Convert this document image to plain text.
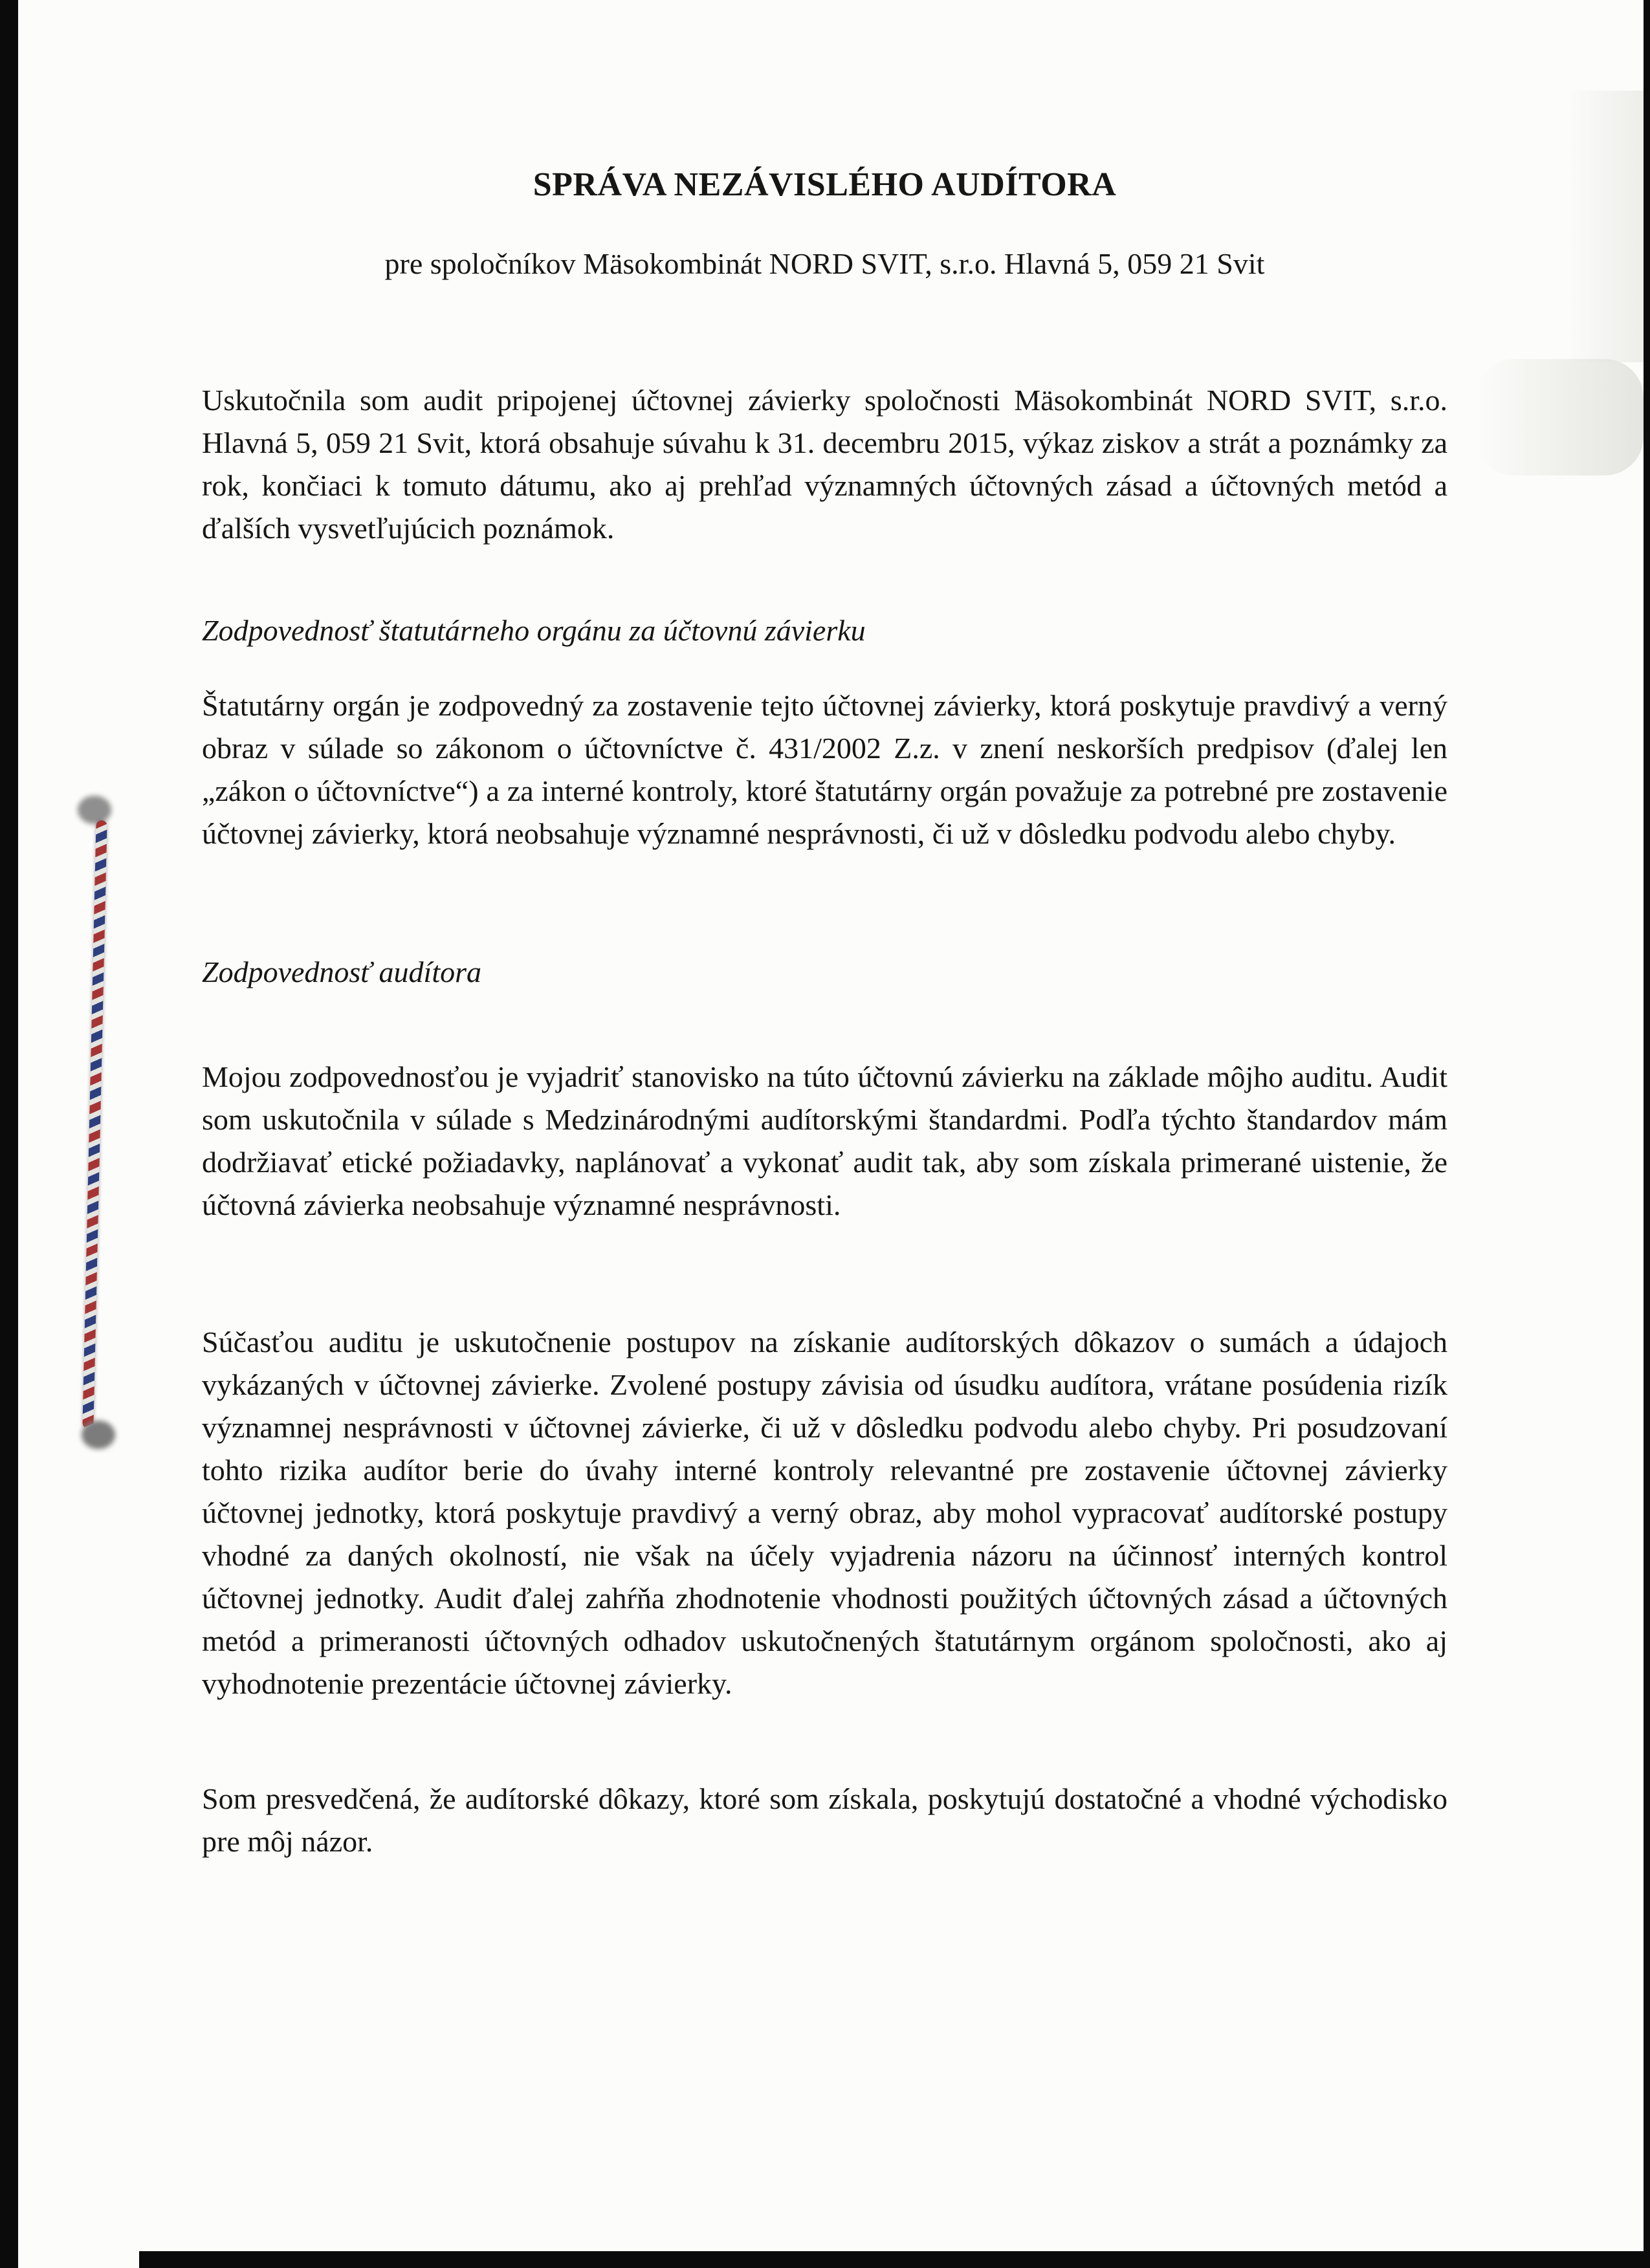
SPRÁVA NEZÁVISLÉHO AUDÍTORA

pre spoločníkov Mäsokombinát NORD SVIT, s.r.o. Hlavná 5, 059 21 Svit

Uskutočnila som audit pripojenej účtovnej závierky spoločnosti Mäsokombinát NORD SVIT, s.r.o. Hlavná 5, 059 21 Svit, ktorá obsahuje súvahu k 31. decembru 2015, výkaz ziskov a strát a poznámky za rok, končiaci k tomuto dátumu, ako aj prehľad významných účtovných zásad a účtovných metód a ďalších vysvetľujúcich poznámok.

Zodpovednosť štatutárneho orgánu za účtovnú závierku

Štatutárny orgán je zodpovedný za zostavenie tejto účtovnej závierky, ktorá poskytuje pravdivý a verný obraz v súlade so zákonom o účtovníctve č. 431/2002 Z.z. v znení neskorších predpisov (ďalej len „zákon o účtovníctve“) a za interné kontroly, ktoré štatutárny orgán považuje za potrebné pre zostavenie účtovnej závierky, ktorá neobsahuje významné nesprávnosti, či už v dôsledku podvodu alebo chyby.

Zodpovednosť audítora

Mojou zodpovednosťou je vyjadriť stanovisko na túto účtovnú závierku na základe môjho auditu. Audit som uskutočnila v súlade s Medzinárodnými audítorskými štandardmi. Podľa týchto štandardov mám dodržiavať etické požiadavky, naplánovať a vykonať audit tak, aby som získala primerané uistenie, že účtovná závierka neobsahuje významné nesprávnosti.

Súčasťou auditu je uskutočnenie postupov na získanie audítorských dôkazov o sumách a údajoch vykázaných v účtovnej závierke. Zvolené postupy závisia od úsudku audítora, vrátane posúdenia rizík významnej nesprávnosti v účtovnej závierke, či už v dôsledku podvodu alebo chyby. Pri posudzovaní tohto rizika audítor berie do úvahy interné kontroly relevantné pre zostavenie účtovnej závierky účtovnej jednotky, ktorá poskytuje pravdivý a verný obraz, aby mohol vypracovať audítorské postupy vhodné za daných okolností, nie však na účely vyjadrenia názoru na účinnosť interných kontrol účtovnej jednotky. Audit ďalej zahŕňa zhodnotenie vhodnosti použitých účtovných zásad a účtovných metód a primeranosti účtovných odhadov uskutočnených štatutárnym orgánom spoločnosti, ako aj vyhodnotenie prezentácie účtovnej závierky.

Som presvedčená, že audítorské dôkazy, ktoré som získala, poskytujú dostatočné a vhodné východisko pre môj názor.
